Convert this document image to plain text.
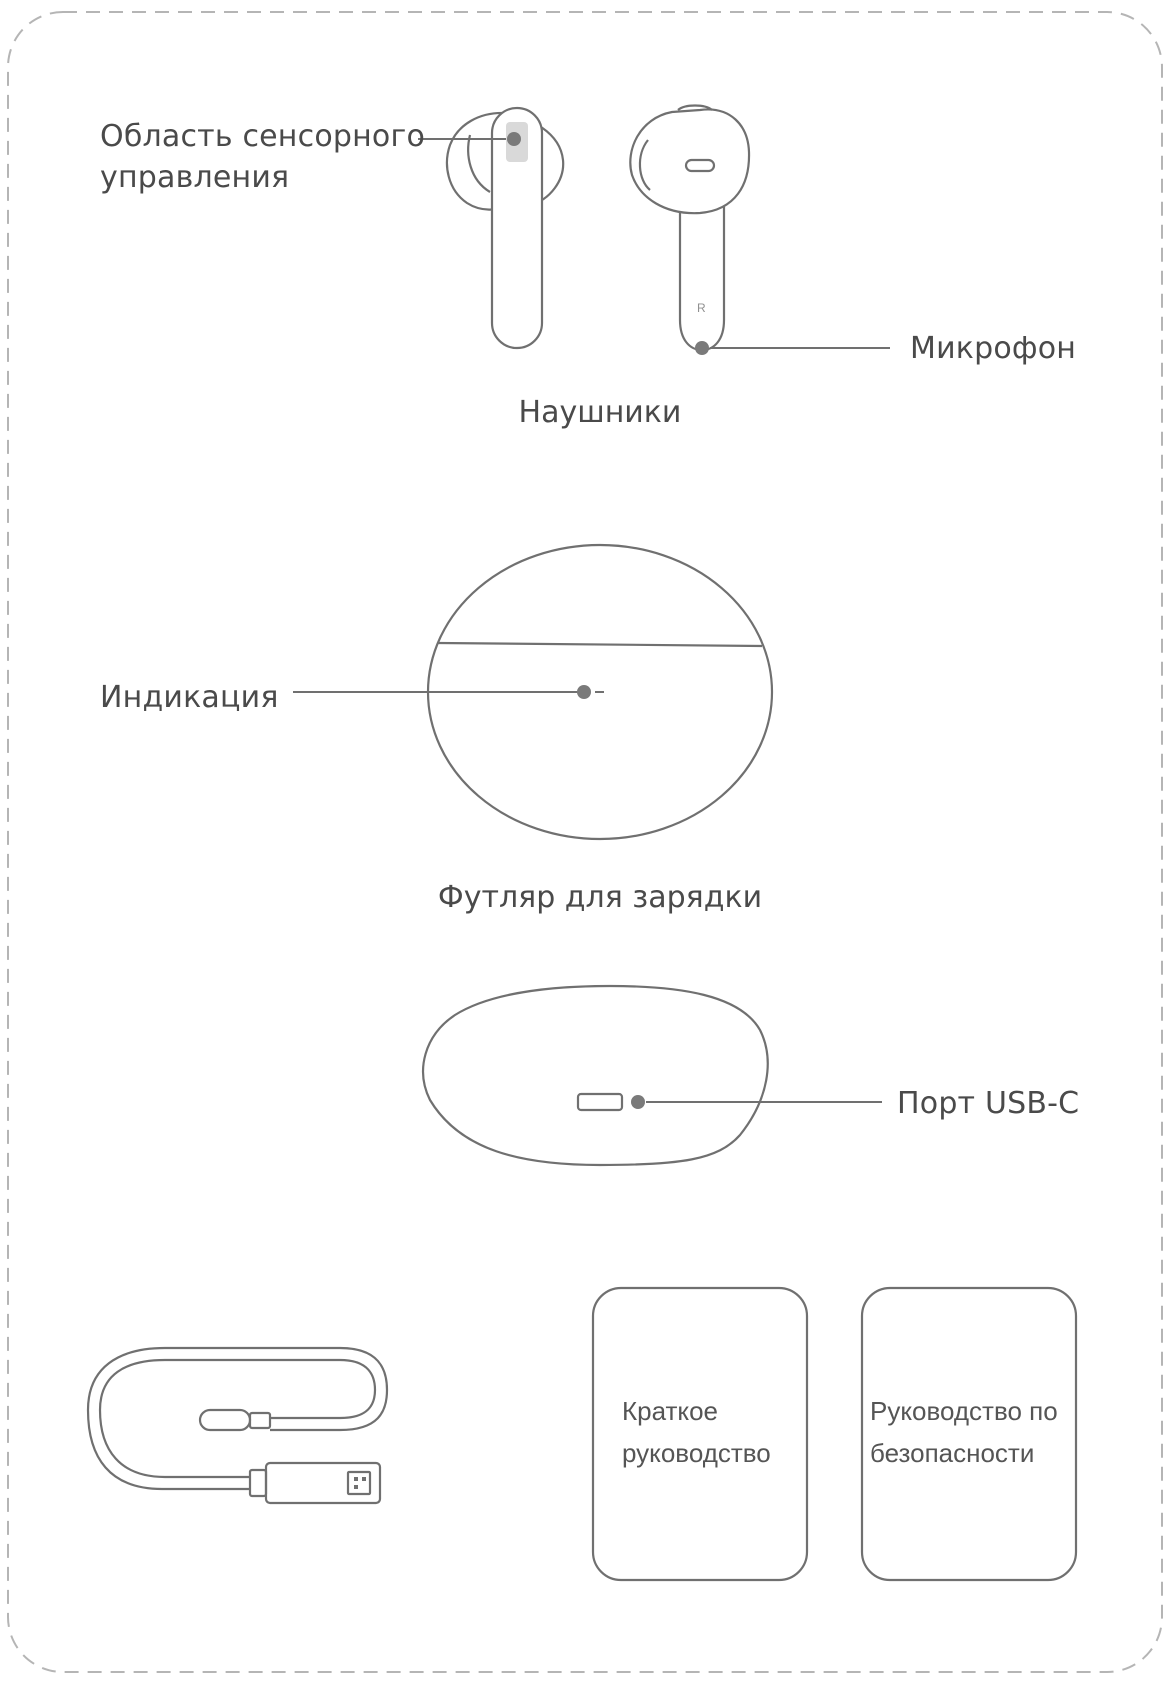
R
Область сенсорного
управления
Микрофон
Наушники
Индикация
Футляр для зарядки
Порт USB-C
Краткое
руководство
Руководство по
безопасности
